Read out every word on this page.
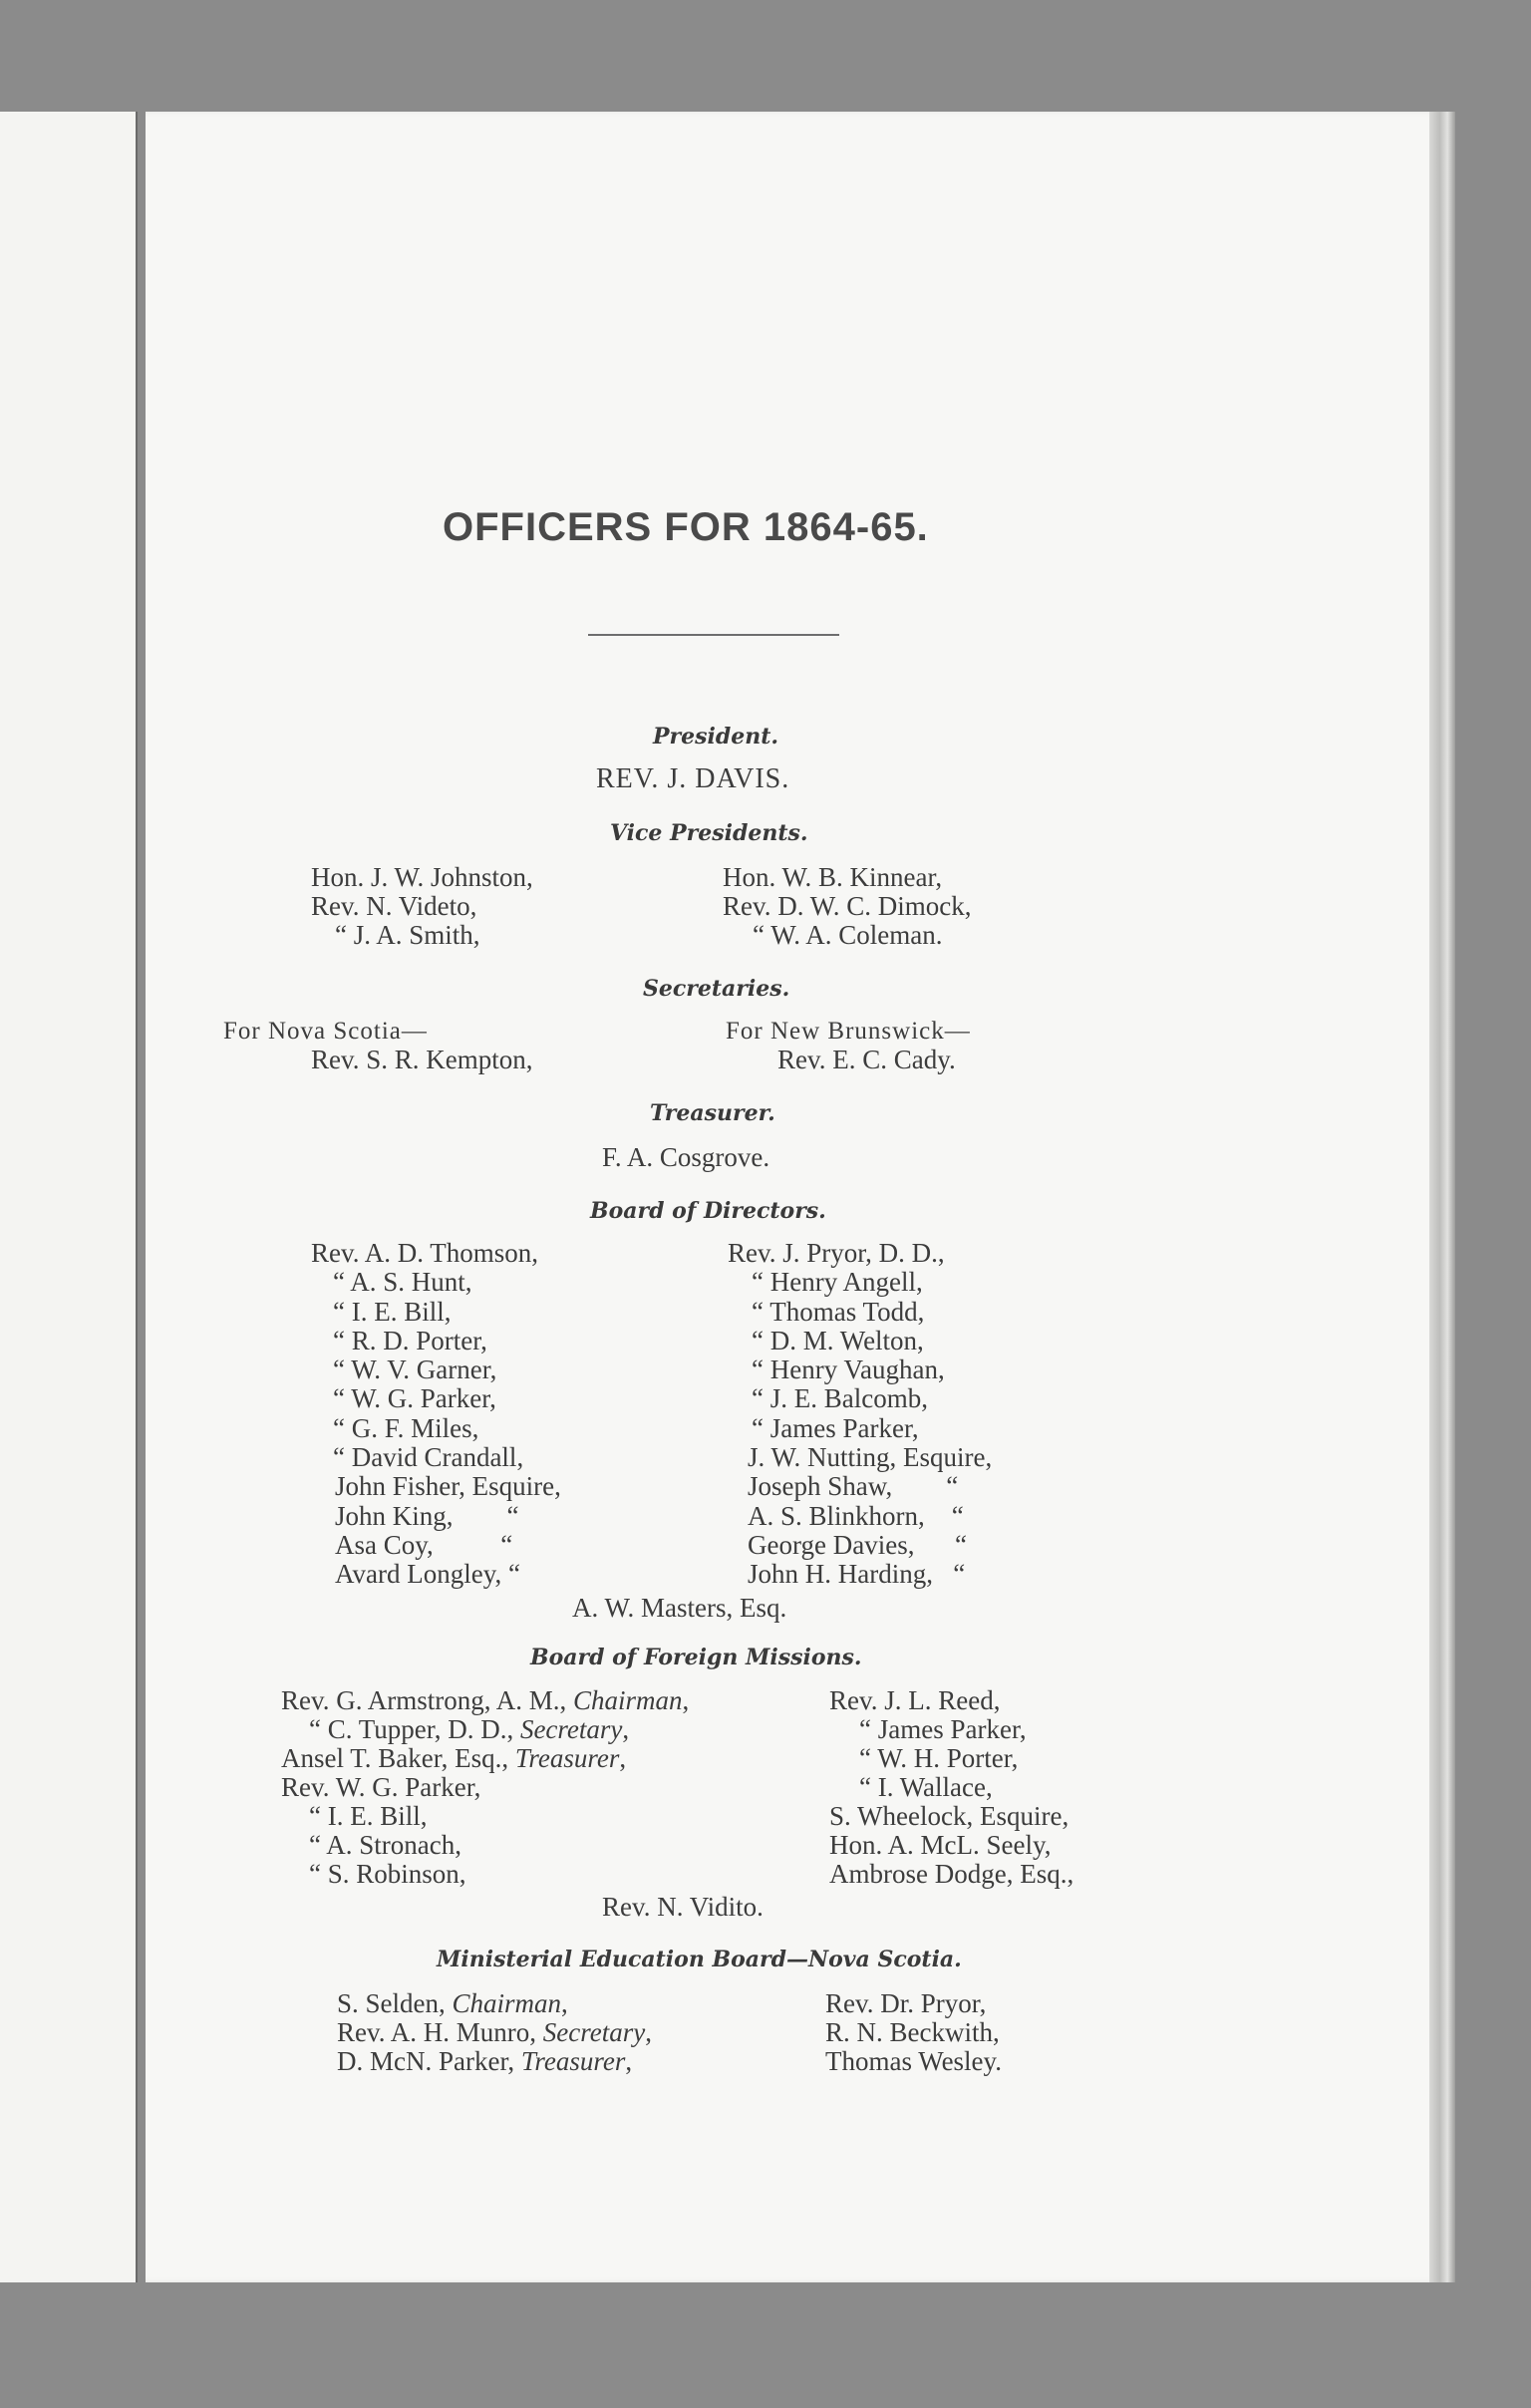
OFFICERS FOR 1864-65.
President.
REV. J. DAVIS.
Vice Presidents.
Hon. J. W. Johnston,
Rev. N. Videto,
“ J. A. Smith,
Hon. W. B. Kinnear,
Rev. D. W. C. Dimock,
“ W. A. Coleman.
Secretaries.
For Nova Scotia—
Rev. S. R. Kempton,
For New Brunswick—
Rev. E. C. Cady.
Treasurer.
F. A. Cosgrove.
Board of Directors.
Rev. A. D. Thomson,
“ A. S. Hunt,
“ I. E. Bill,
“ R. D. Porter,
“ W. V. Garner,
“ W. G. Parker,
“ G. F. Miles,
“ David Crandall,
John Fisher, Esquire,
John King,        “
Asa Coy,          “
Avard Longley, “
Rev. J. Pryor, D. D.,
“ Henry Angell,
“ Thomas Todd,
“ D. M. Welton,
“ Henry Vaughan,
“ J. E. Balcomb,
“ James Parker,
J. W. Nutting, Esquire,
Joseph Shaw,        “
A. S. Blinkhorn,    “
George Davies,      “
John H. Harding,   “
A. W. Masters, Esq.
Board of Foreign Missions.
Rev. G. Armstrong, A. M., Chairman,
“ C. Tupper, D. D., Secretary,
Ansel T. Baker, Esq., Treasurer,
Rev. W. G. Parker,
“ I. E. Bill,
“ A. Stronach,
“ S. Robinson,
Rev. J. L. Reed,
“ James Parker,
“ W. H. Porter,
“ I. Wallace,
S. Wheelock, Esquire,
Hon. A. McL. Seely,
Ambrose Dodge, Esq.,
Rev. N. Vidito.
Ministerial Education Board—Nova Scotia.
S. Selden, Chairman,
Rev. A. H. Munro, Secretary,
D. McN. Parker, Treasurer,
Rev. Dr. Pryor,
R. N. Beckwith,
Thomas Wesley.
